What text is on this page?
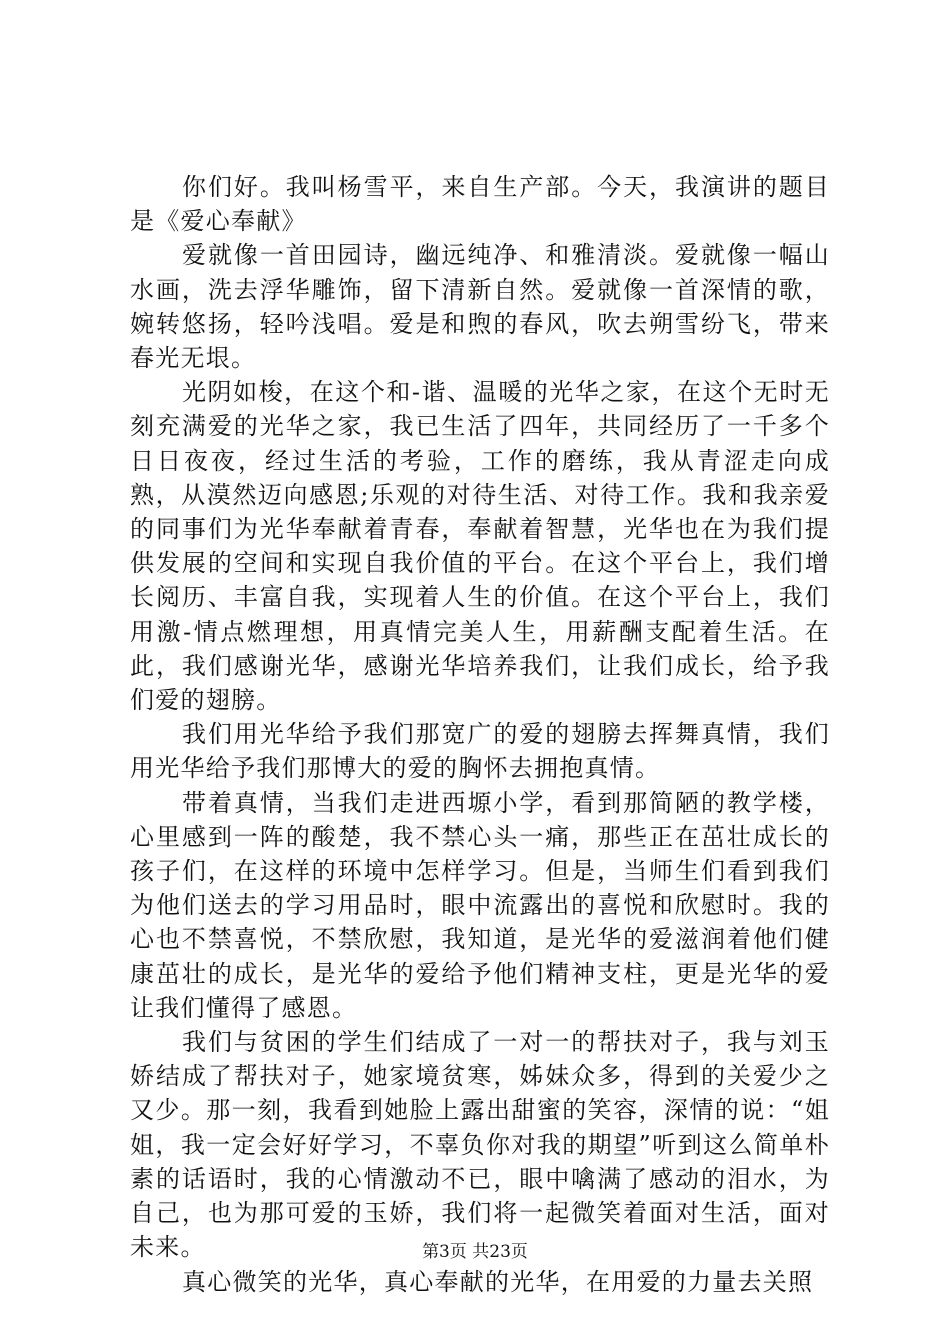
你们好。我叫杨雪平，来自生产部。今天，我演讲的题目是《爱心奉献》

爱就像一首田园诗，幽远纯净、和雅清淡。爱就像一幅山水画，洗去浮华雕饰，留下清新自然。爱就像一首深情的歌，婉转悠扬，轻吟浅唱。爱是和煦的春风，吹去朔雪纷飞，带来春光无垠。

光阴如梭，在这个和-谐、温暖的光华之家，在这个无时无刻充满爱的光华之家，我已生活了四年，共同经历了一千多个日日夜夜，经过生活的考验，工作的磨练，我从青涩走向成熟，从漠然迈向感恩;乐观的对待生活、对待工作。我和我亲爱的同事们为光华奉献着青春，奉献着智慧，光华也在为我们提供发展的空间和实现自我价值的平台。在这个平台上，我们增长阅历、丰富自我，实现着人生的价值。在这个平台上，我们用激-情点燃理想，用真情完美人生，用薪酬支配着生活。在此，我们感谢光华，感谢光华培养我们，让我们成长，给予我们爱的翅膀。

我们用光华给予我们那宽广的爱的翅膀去挥舞真情，我们用光华给予我们那博大的爱的胸怀去拥抱真情。

带着真情，当我们走进西塬小学，看到那简陋的教学楼，心里感到一阵的酸楚，我不禁心头一痛，那些正在茁壮成长的孩子们，在这样的环境中怎样学习。但是，当师生们看到我们为他们送去的学习用品时，眼中流露出的喜悦和欣慰时。我的心也不禁喜悦，不禁欣慰，我知道，是光华的爱滋润着他们健康茁壮的成长，是光华的爱给予他们精神支柱，更是光华的爱让我们懂得了感恩。

我们与贫困的学生们结成了一对一的帮扶对子，我与刘玉娇结成了帮扶对子，她家境贫寒，姊妹众多，得到的关爱少之又少。那一刻，我看到她脸上露出甜蜜的笑容，深情的说：“姐姐，我一定会好好学习，不辜负你对我的期望”听到这么简单朴素的话语时，我的心情激动不已，眼中噙满了感动的泪水，为自己，也为那可爱的玉娇，我们将一起微笑着面对生活，面对未来。

真心微笑的光华，真心奉献的光华，在用爱的力量去关照

第3页 共23页
